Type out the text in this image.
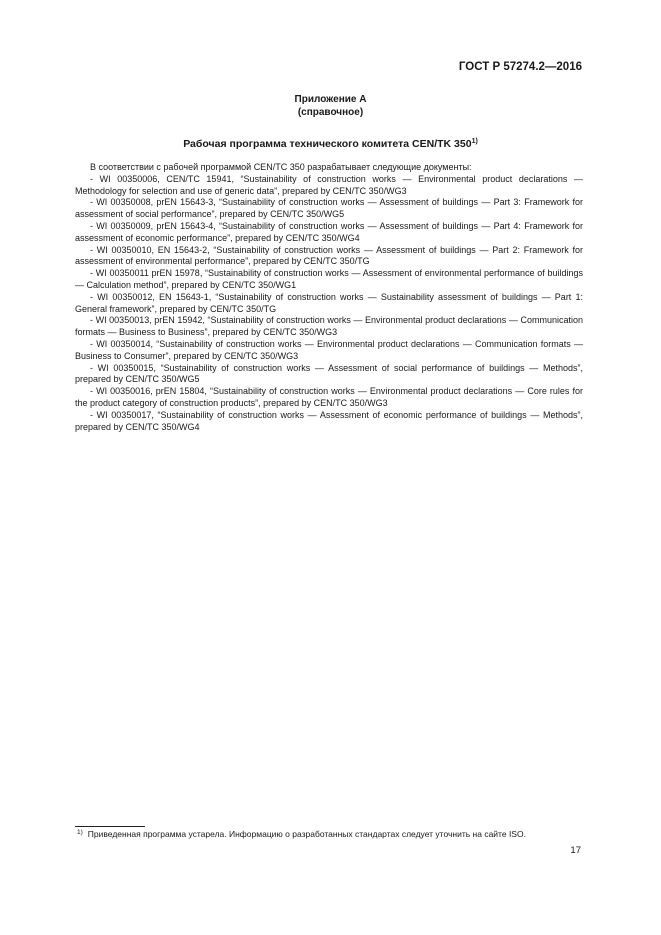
ГОСТ Р 57274.2—2016
Приложение А
(справочное)
Рабочая программа технического комитета CEN/TK 350$^{1)}$

В соответствии с рабочей программой CEN/TC 350 разрабатывает следующие документы:

- WI 00350006, CEN/TC 15941, “Sustainability of construction works — Environmental product declarations — Methodology for selection and use of generic data”, prepared by CEN/TC 350/WG3

- WI 00350008, prEN 15643-3, “Sustainability of construction works — Assessment of buildings — Part 3: Framework for assessment of social performance”, prepared by CEN/TC 350/WG5

- WI 00350009, prEN 15643-4, “Sustainability of construction works — Assessment of buildings — Part 4: Framework for assessment of economic performance”, prepared by CEN/TC 350/WG4

- WI 00350010, EN 15643-2, “Sustainability of construction works — Assessment of buildings — Part 2: Framework for assessment of environmental performance”, prepared by CEN/TC 350/TG

- WI 00350011 prEN 15978, “Sustainability of construction works — Assessment of environmental performance of buildings — Calculation method”, prepared by CEN/TC 350/WG1

- WI 00350012, EN 15643-1, “Sustainability of construction works — Sustainability assessment of buildings — Part 1: General framework”, prepared by CEN/TC 350/TG

- WI 00350013, prEN 15942, “Sustainability of construction works — Environmental product declarations — Communication formats — Business to Business”, prepared by CEN/TC 350/WG3

- WI 00350014, “Sustainability of construction works — Environmental product declarations — Communication formats — Business to Consumer”, prepared by CEN/TC 350/WG3

- WI 00350015, “Sustainability of construction works — Assessment of social performance of buildings — Methods”, prepared by CEN/TC 350/WG5

- WI 00350016, prEN 15804, “Sustainability of construction works — Environmental product declarations — Core rules for the product category of construction products”, prepared by CEN/TC 350/WG3

- WI 00350017, “Sustainability of construction works — Assessment of economic performance of buildings — Methods”, prepared by CEN/TC 350/WG4

$^{1)}$ Приведенная программа устарела. Информацию о разработанных стандартах следует уточнить на сайте ISO.
17
